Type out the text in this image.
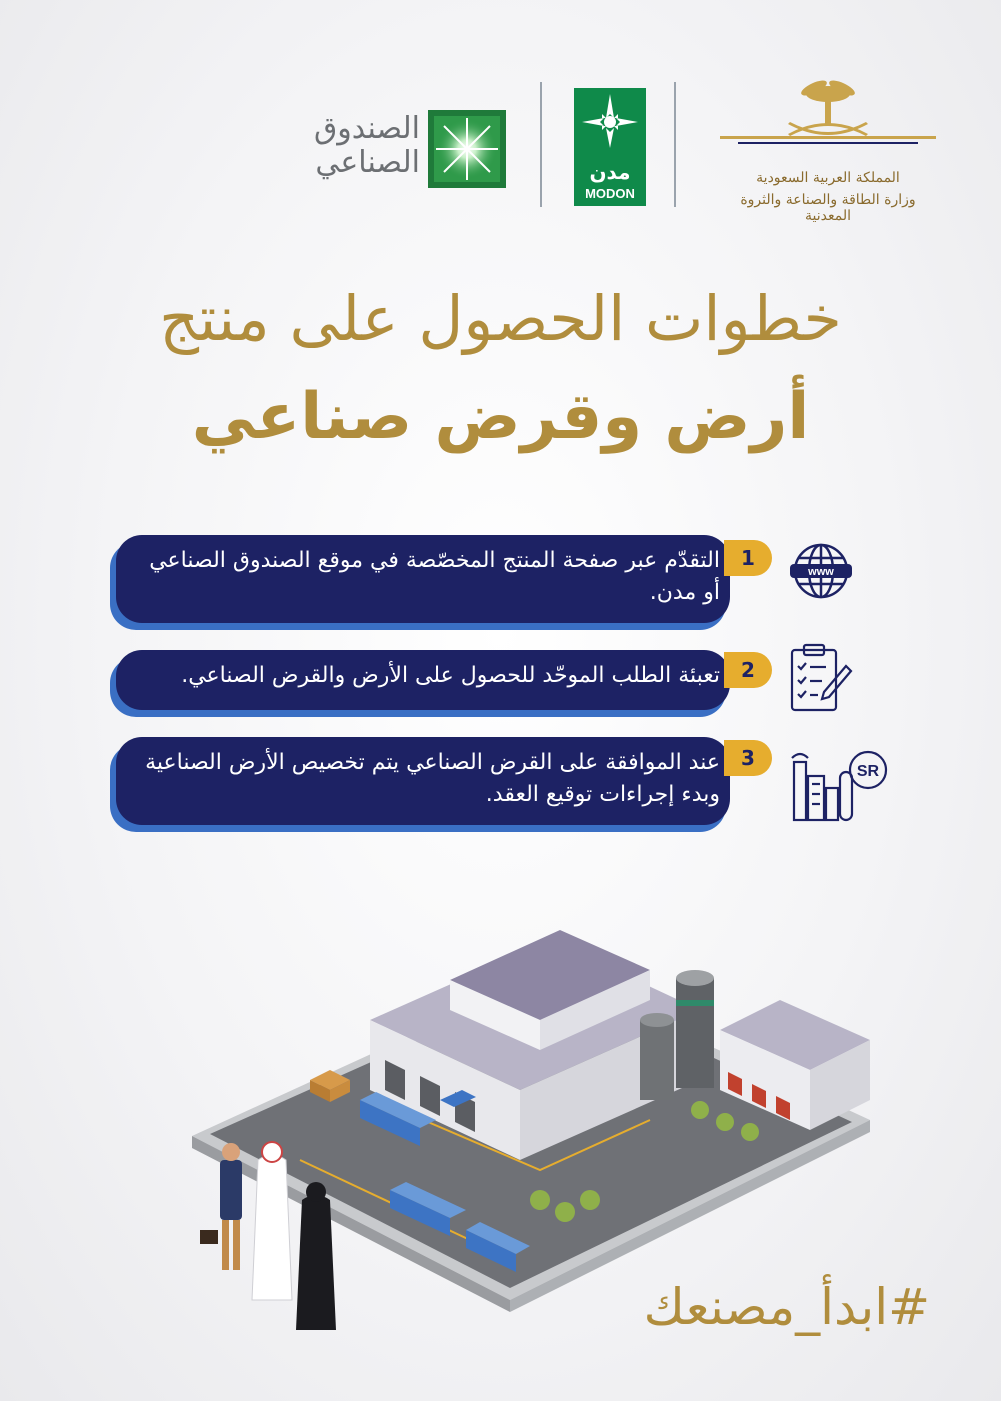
المملكة العربية السعودية
وزارة الطاقة والصناعة والثروة المعدنية
مدن
MODON
الصندوق
الصناعي
خطوات الحصول على منتج
أرض وقرض صناعي
التقدّم عبر صفحة المنتج المخصّصة في موقع الصندوق الصناعي أو مدن.
1
www
تعبئة الطلب الموحّد للحصول على الأرض والقرض الصناعي.	2
عند الموافقة على القرض الصناعي يتم تخصيص الأرض الصناعية وبدء إجراءات توقيع العقد.
3
SR
#ابدأ_مصنعك
